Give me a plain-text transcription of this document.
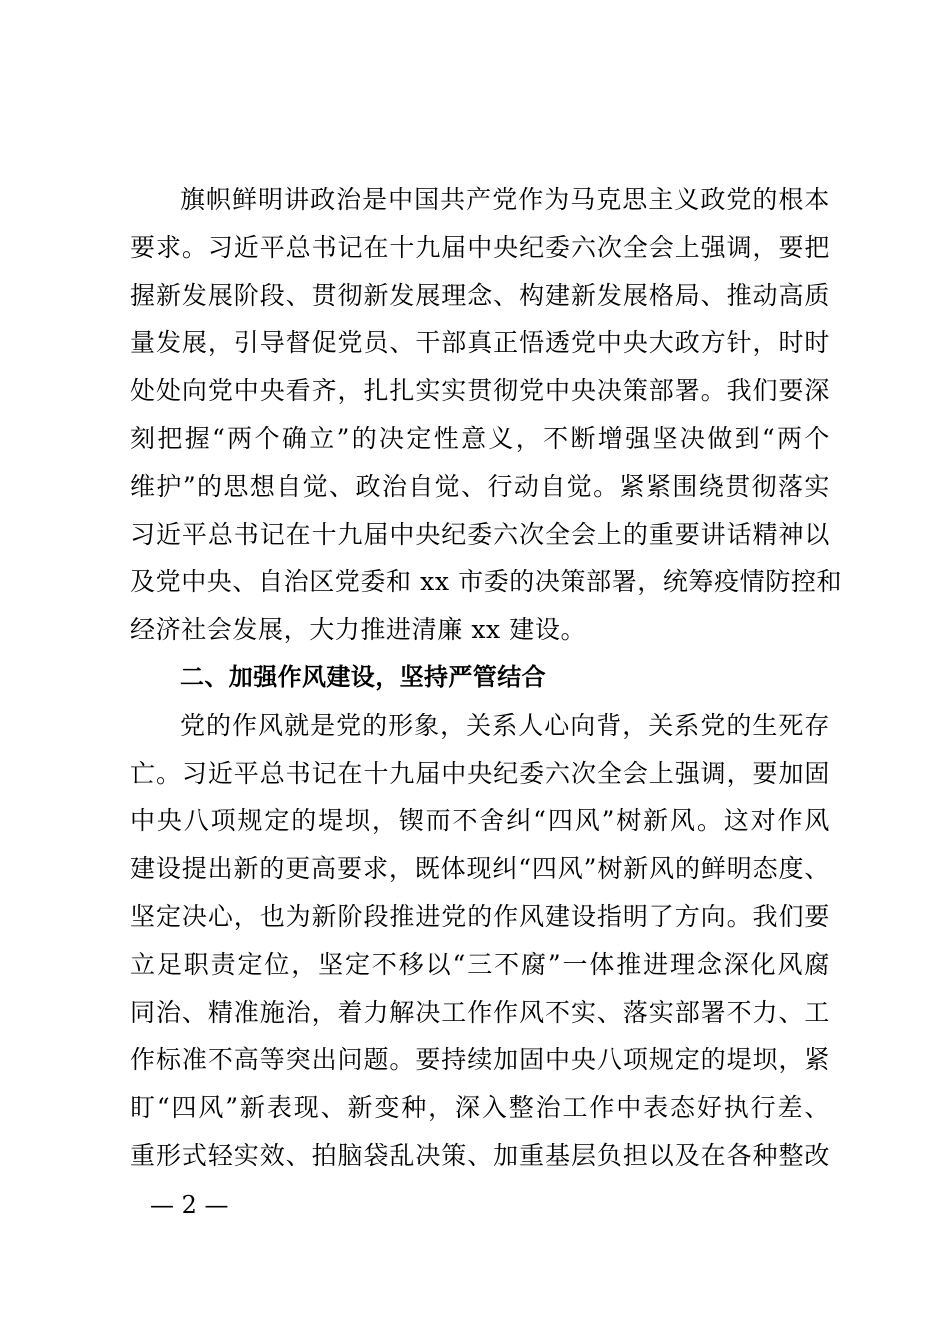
旗帜鲜明讲政治是中国共产党作为马克思主义政党的根本
要求。习近平总书记在十九届中央纪委六次全会上强调，要把
握新发展阶段、贯彻新发展理念、构建新发展格局、推动高质
量发展，引导督促党员、干部真正悟透党中央大政方针，时时
处处向党中央看齐，扎扎实实贯彻党中央决策部署。我们要深
刻把握“两个确立”的决定性意义，不断增强坚决做到“两个
维护”的思想自觉、政治自觉、行动自觉。紧紧围绕贯彻落实
习近平总书记在十九届中央纪委六次全会上的重要讲话精神以
及党中央、自治区党委和 xx 市委的决策部署，统筹疫情防控和
经济社会发展，大力推进清廉 xx 建设。
二、加强作风建设，坚持严管结合
党的作风就是党的形象，关系人心向背，关系党的生死存
亡。习近平总书记在十九届中央纪委六次全会上强调，要加固
中央八项规定的堤坝，锲而不舍纠“四风”树新风。这对作风
建设提出新的更高要求，既体现纠“四风”树新风的鲜明态度、
坚定决心，也为新阶段推进党的作风建设指明了方向。我们要
立足职责定位，坚定不移以“三不腐”一体推进理念深化风腐
同治、精准施治，着力解决工作作风不实、落实部署不力、工
作标准不高等突出问题。要持续加固中央八项规定的堤坝，紧
盯“四风”新表现、新变种，深入整治工作中表态好执行差、
重形式轻实效、拍脑袋乱决策、加重基层负担以及在各种整改
— 2 —
